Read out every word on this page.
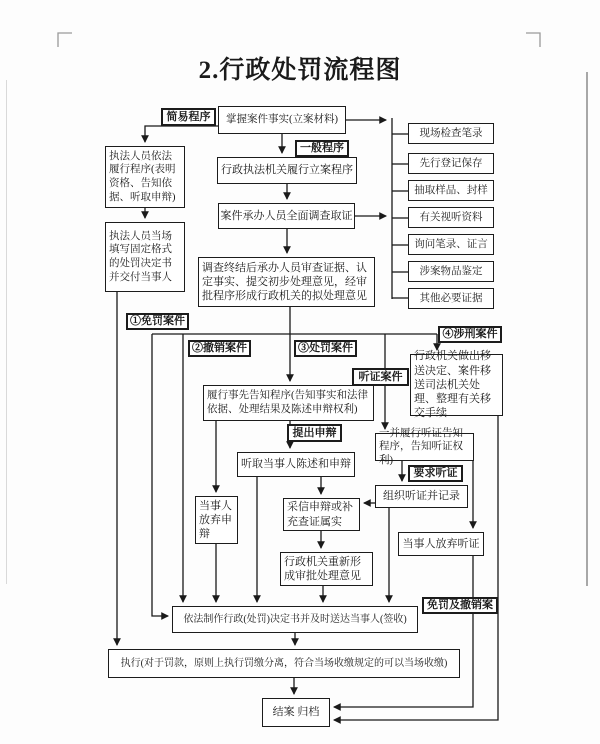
2.行政处罚流程图
掌握案件事实(立案材料)
简易程序
一般程序
行政执法机关履行立案程序
执法人员依法履行程序(表明资格、告知依据、听取申辩)
案件承办人员全面调查取证
执法人员当场填写固定格式的处罚决定书并交付当事人
调查终结后承办人员审查证据、认定事实、提交初步处理意见，经审批程序形成行政机关的拟处理意见
现场检查笔录
先行登记保存
抽取样品、封样
有关视听资料
询问笔录、证言
涉案物品鉴定
其他必要证据
①免罚案件
②撤销案件	③处罚案件
④涉刑案件
行政机关做出移送决定、案件移送司法机关处理、整理有关移交手续
听证案件
履行事先告知程序(告知事实和法律依据、处理结果及陈述申辩权利)
提出申辩	一并履行听证告知程序，告知听证权利)
听取当事人陈述和申辩
要求听证
组织听证并记录
当事人放弃申辩
采信申辩或补充查证属实
当事人放弃听证
行政机关重新形成审批处理意见
依法制作行政(处罚)决定书并及时送达当事人(签收)
免罚及撤销案
执行(对于罚款，原则上执行罚缴分离，符合当场收缴规定的可以当场收缴)
结案 归档
